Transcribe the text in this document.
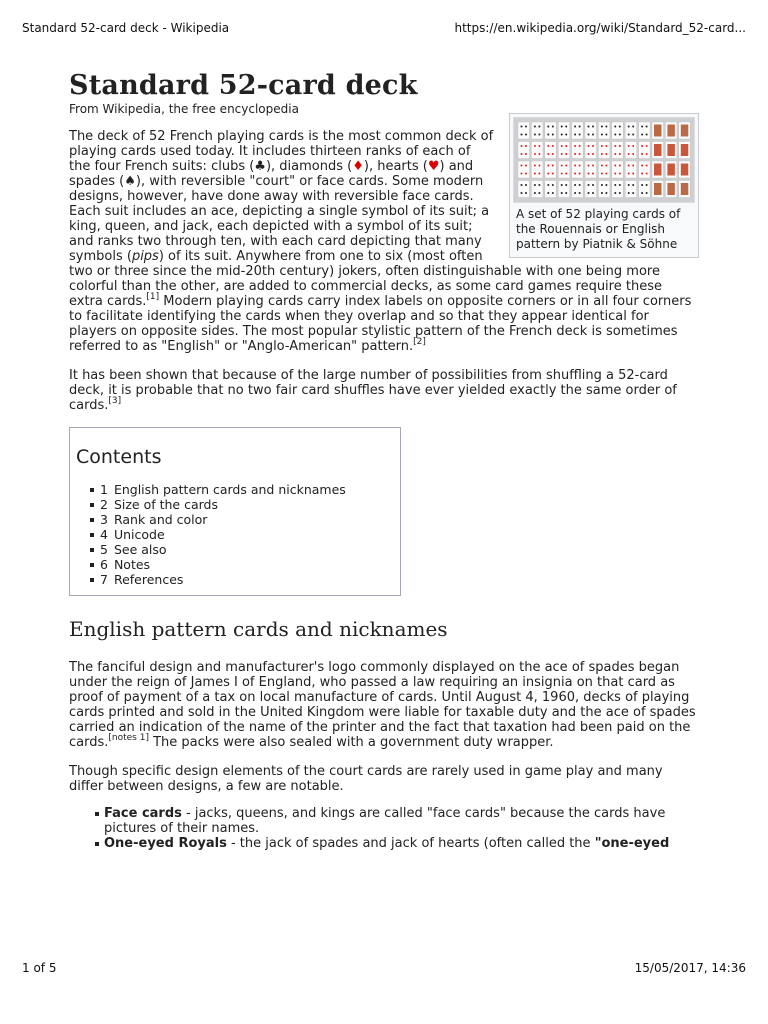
Standard 52-card deck - Wikipedia	https://en.wikipedia.org/wiki/Standard_52-card...
Standard 52-card deck
From Wikipedia, the free encyclopedia
A set of 52 playing cards of the Rouennais or English pattern by Piatnik & Söhne

The deck of 52 French playing cards is the most common deck of playing cards used today. It includes thirteen ranks of each of the four French suits: clubs (♣), diamonds (♦), hearts (♥) and spades (♠), with reversible "court" or face cards. Some modern designs, however, have done away with reversible face cards. Each suit includes an ace, depicting a single symbol of its suit; a king, queen, and jack, each depicted with a symbol of its suit; and ranks two through ten, with each card depicting that many symbols (pips) of its suit. Anywhere from one to six (most often two or three since the mid-20th century) jokers, often distinguishable with one being more colorful than the other, are added to commercial decks, as some card games require these extra cards.[1] Modern playing cards carry index labels on opposite corners or in all four corners to facilitate identifying the cards when they overlap and so that they appear identical for players on opposite sides. The most popular stylistic pattern of the French deck is sometimes referred to as "English" or "Anglo-American" pattern.[2]

It has been shown that because of the large number of possibilities from shuffling a 52-card deck, it is probable that no two fair card shuffles have ever yielded exactly the same order of cards.[3]

Contents
1 English pattern cards and nicknames
2 Size of the cards
3 Rank and color
4 Unicode
5 See also
6 Notes
7 References
English pattern cards and nicknames

The fanciful design and manufacturer's logo commonly displayed on the ace of spades began under the reign of James I of England, who passed a law requiring an insignia on that card as proof of payment of a tax on local manufacture of cards. Until August 4, 1960, decks of playing cards printed and sold in the United Kingdom were liable for taxable duty and the ace of spades carried an indication of the name of the printer and the fact that taxation had been paid on the cards.[notes 1] The packs were also sealed with a government duty wrapper.

Though specific design elements of the court cards are rarely used in game play and many differ between designs, a few are notable.

Face cards - jacks, queens, and kings are called "face cards" because the cards have pictures of their names.
One-eyed Royals - the jack of spades and jack of hearts (often called the "one-eyed
1 of 5	15/05/2017, 14:36
